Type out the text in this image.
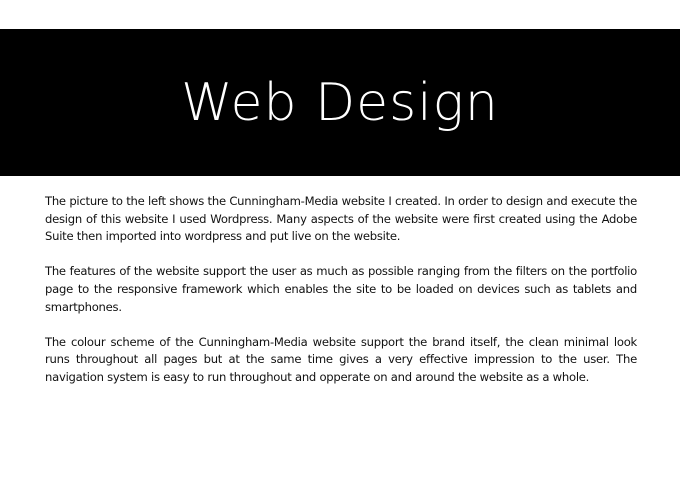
Web Design

The picture to the left shows the Cunningham-Media website I created. In order to design and execute the design of this website I used Wordpress. Many aspects of the website were first created using the Adobe Suite then imported into wordpress and put live on the website.

The features of the website support the user as much as possible ranging from the filters on the portfolio page to the responsive framework which enables the site to be loaded on devices such as tablets and smartphones.

The colour scheme of the Cunningham-Media website support the brand itself, the clean minimal look runs throughout all pages but at the same time gives a very effective impression to the user. The navigation system is easy to run throughout and opperate on and around the website as a whole.
